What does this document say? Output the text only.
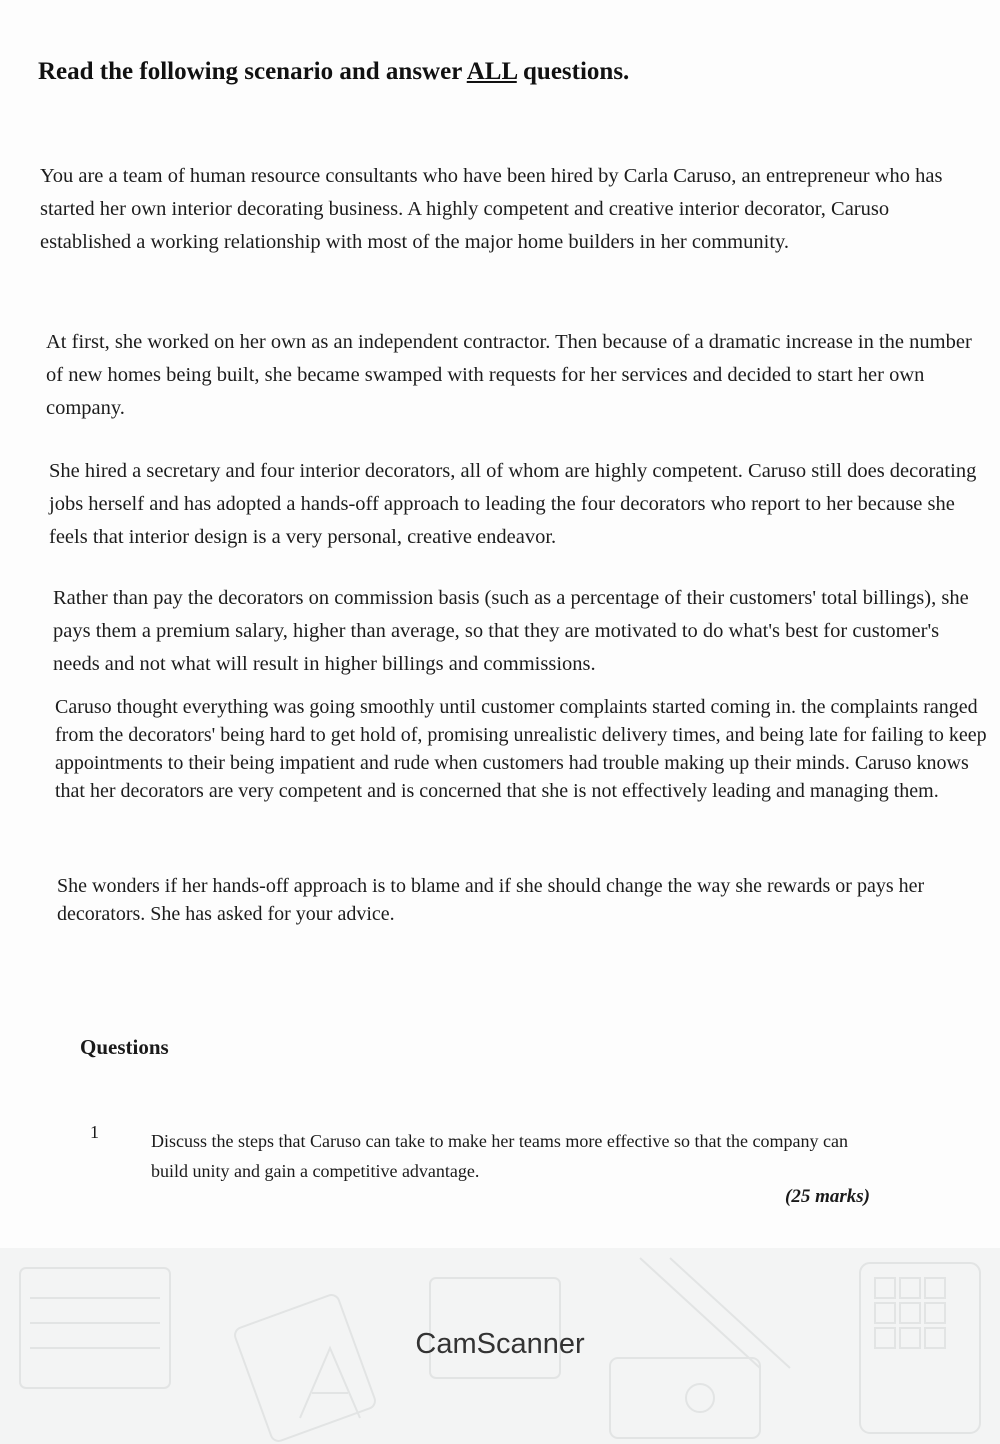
Read the following scenario and answer ALL questions.

You are a team of human resource consultants who have been hired by Carla Caruso, an entrepreneur who has started her own interior decorating business. A highly competent and creative interior decorator, Caruso established a working relationship with most of the major home builders in her community.

At first, she worked on her own as an independent contractor. Then because of a dramatic increase in the number of new homes being built, she became swamped with requests for her services and decided to start her own company.

She hired a secretary and four interior decorators, all of whom are highly competent. Caruso still does decorating jobs herself and has adopted a hands-off approach to leading the four decorators who report to her because she feels that interior design is a very personal, creative endeavor.

Rather than pay the decorators on commission basis (such as a percentage of their customers' total billings), she pays them a premium salary, higher than average, so that they are motivated to do what's best for customer's needs and not what will result in higher billings and commissions.

Caruso thought everything was going smoothly until customer complaints started coming in. the complaints ranged from the decorators' being hard to get hold of, promising unrealistic delivery times, and being late for failing to keep appointments to their being impatient and rude when customers had trouble making up their minds. Caruso knows that her decorators are very competent and is concerned that she is not effectively leading and managing them.

She wonders if her hands-off approach is to blame and if she should change the way she rewards or pays her decorators. She has asked for your advice.

Questions
1	Discuss the steps that Caruso can take to make her teams more effective so that the company can build unity and gain a competitive advantage.
(25 marks)
CamScanner
